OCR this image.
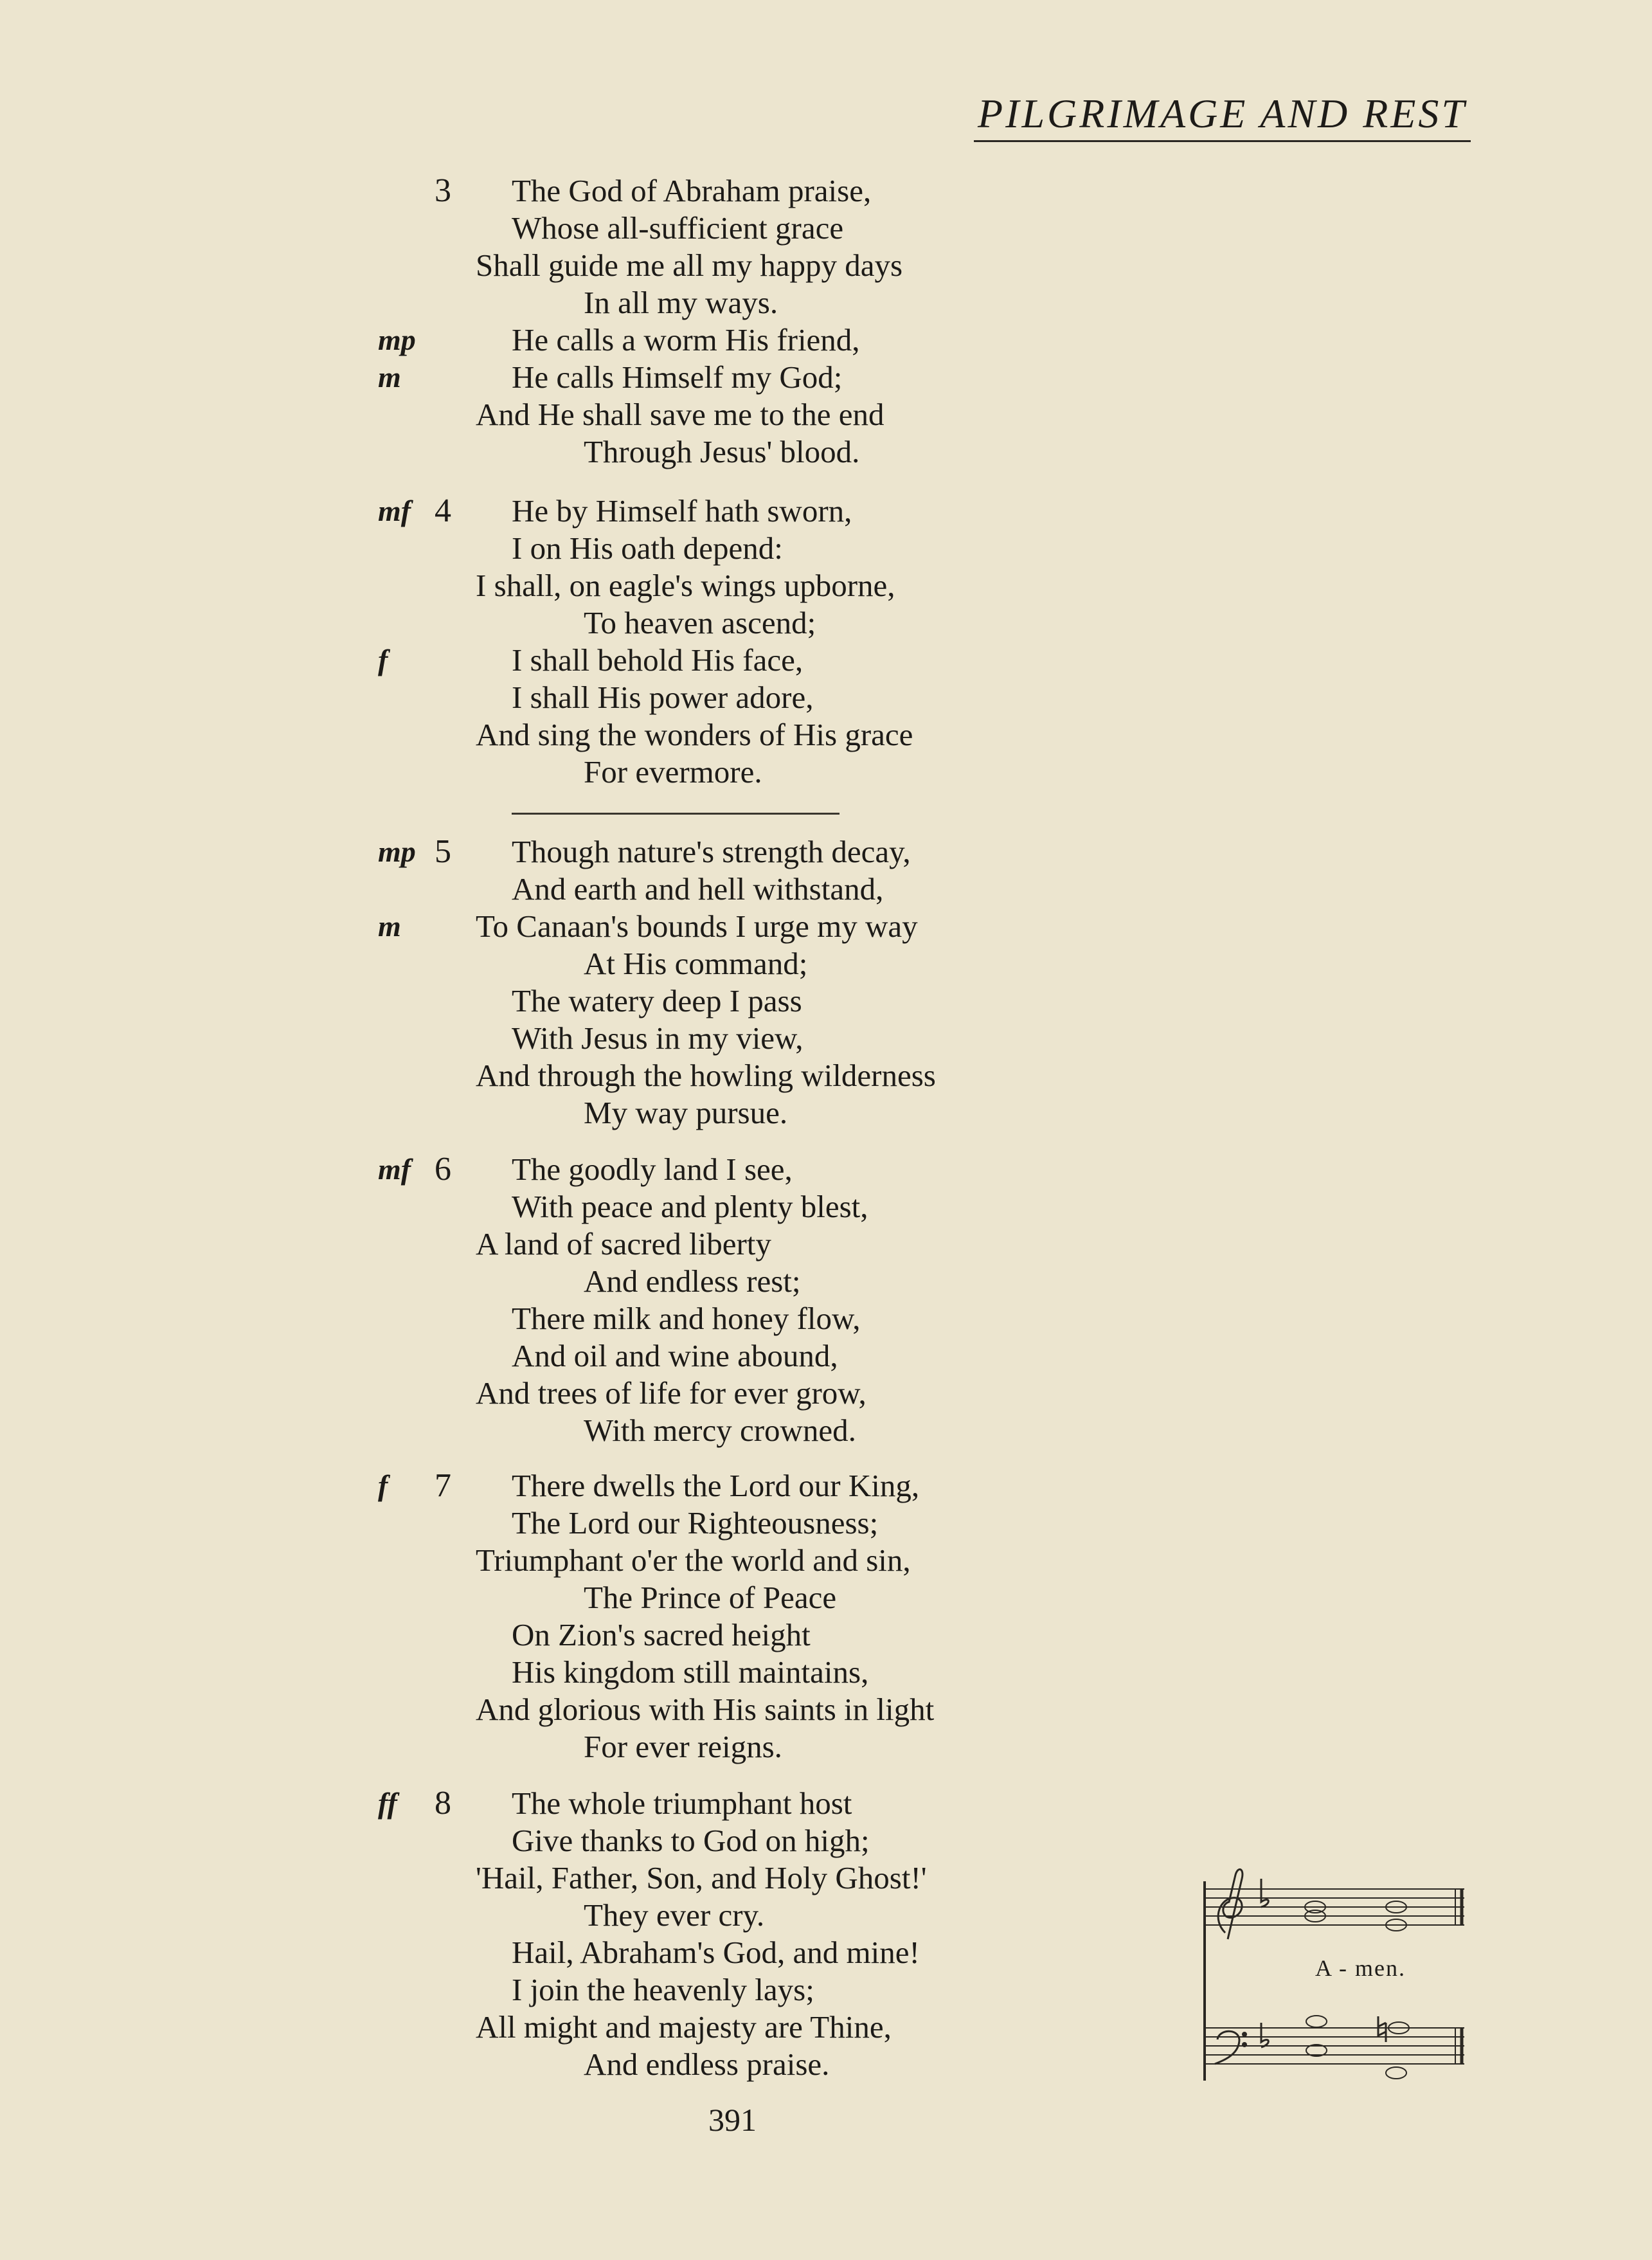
PILGRIMAGE AND REST
3 The God of Abraham praise,
Whose all-sufficient grace
Shall guide me all my happy days
In all my ways.
He calls a worm His friend,
mp
He calls Himself my God;
m
And He shall save me to the end
Through Jesus' blood.
4
mf	He by Himself hath sworn,
I on His oath depend:
I shall, on eagle's wings upborne,
To heaven ascend;
I shall behold His face,
f
I shall His power adore,
And sing the wonders of His grace
For evermore.
5
mp	Though nature's strength decay,
And earth and hell withstand,
To Canaan's bounds I urge my way
m
At His command;
The watery deep I pass
With Jesus in my view,
And through the howling wilderness
My way pursue.
6
mf	The goodly land I see,
With peace and plenty blest,
A land of sacred liberty
And endless rest;
There milk and honey flow,
And oil and wine abound,
And trees of life for ever grow,
With mercy crowned.
7
f	There dwells the Lord our King,
The Lord our Righteousness;
Triumphant o'er the world and sin,
The Prince of Peace
On Zion's sacred height
His kingdom still maintains,
And glorious with His saints in light
For ever reigns.
8
ff	The whole triumphant host
Give thanks to God on high;
'Hail, Father, Son, and Holy Ghost!'
They ever cry.
Hail, Abraham's God, and mine!
I join the heavenly lays;
All might and majesty are Thine,
And endless praise.
A - men.
391
